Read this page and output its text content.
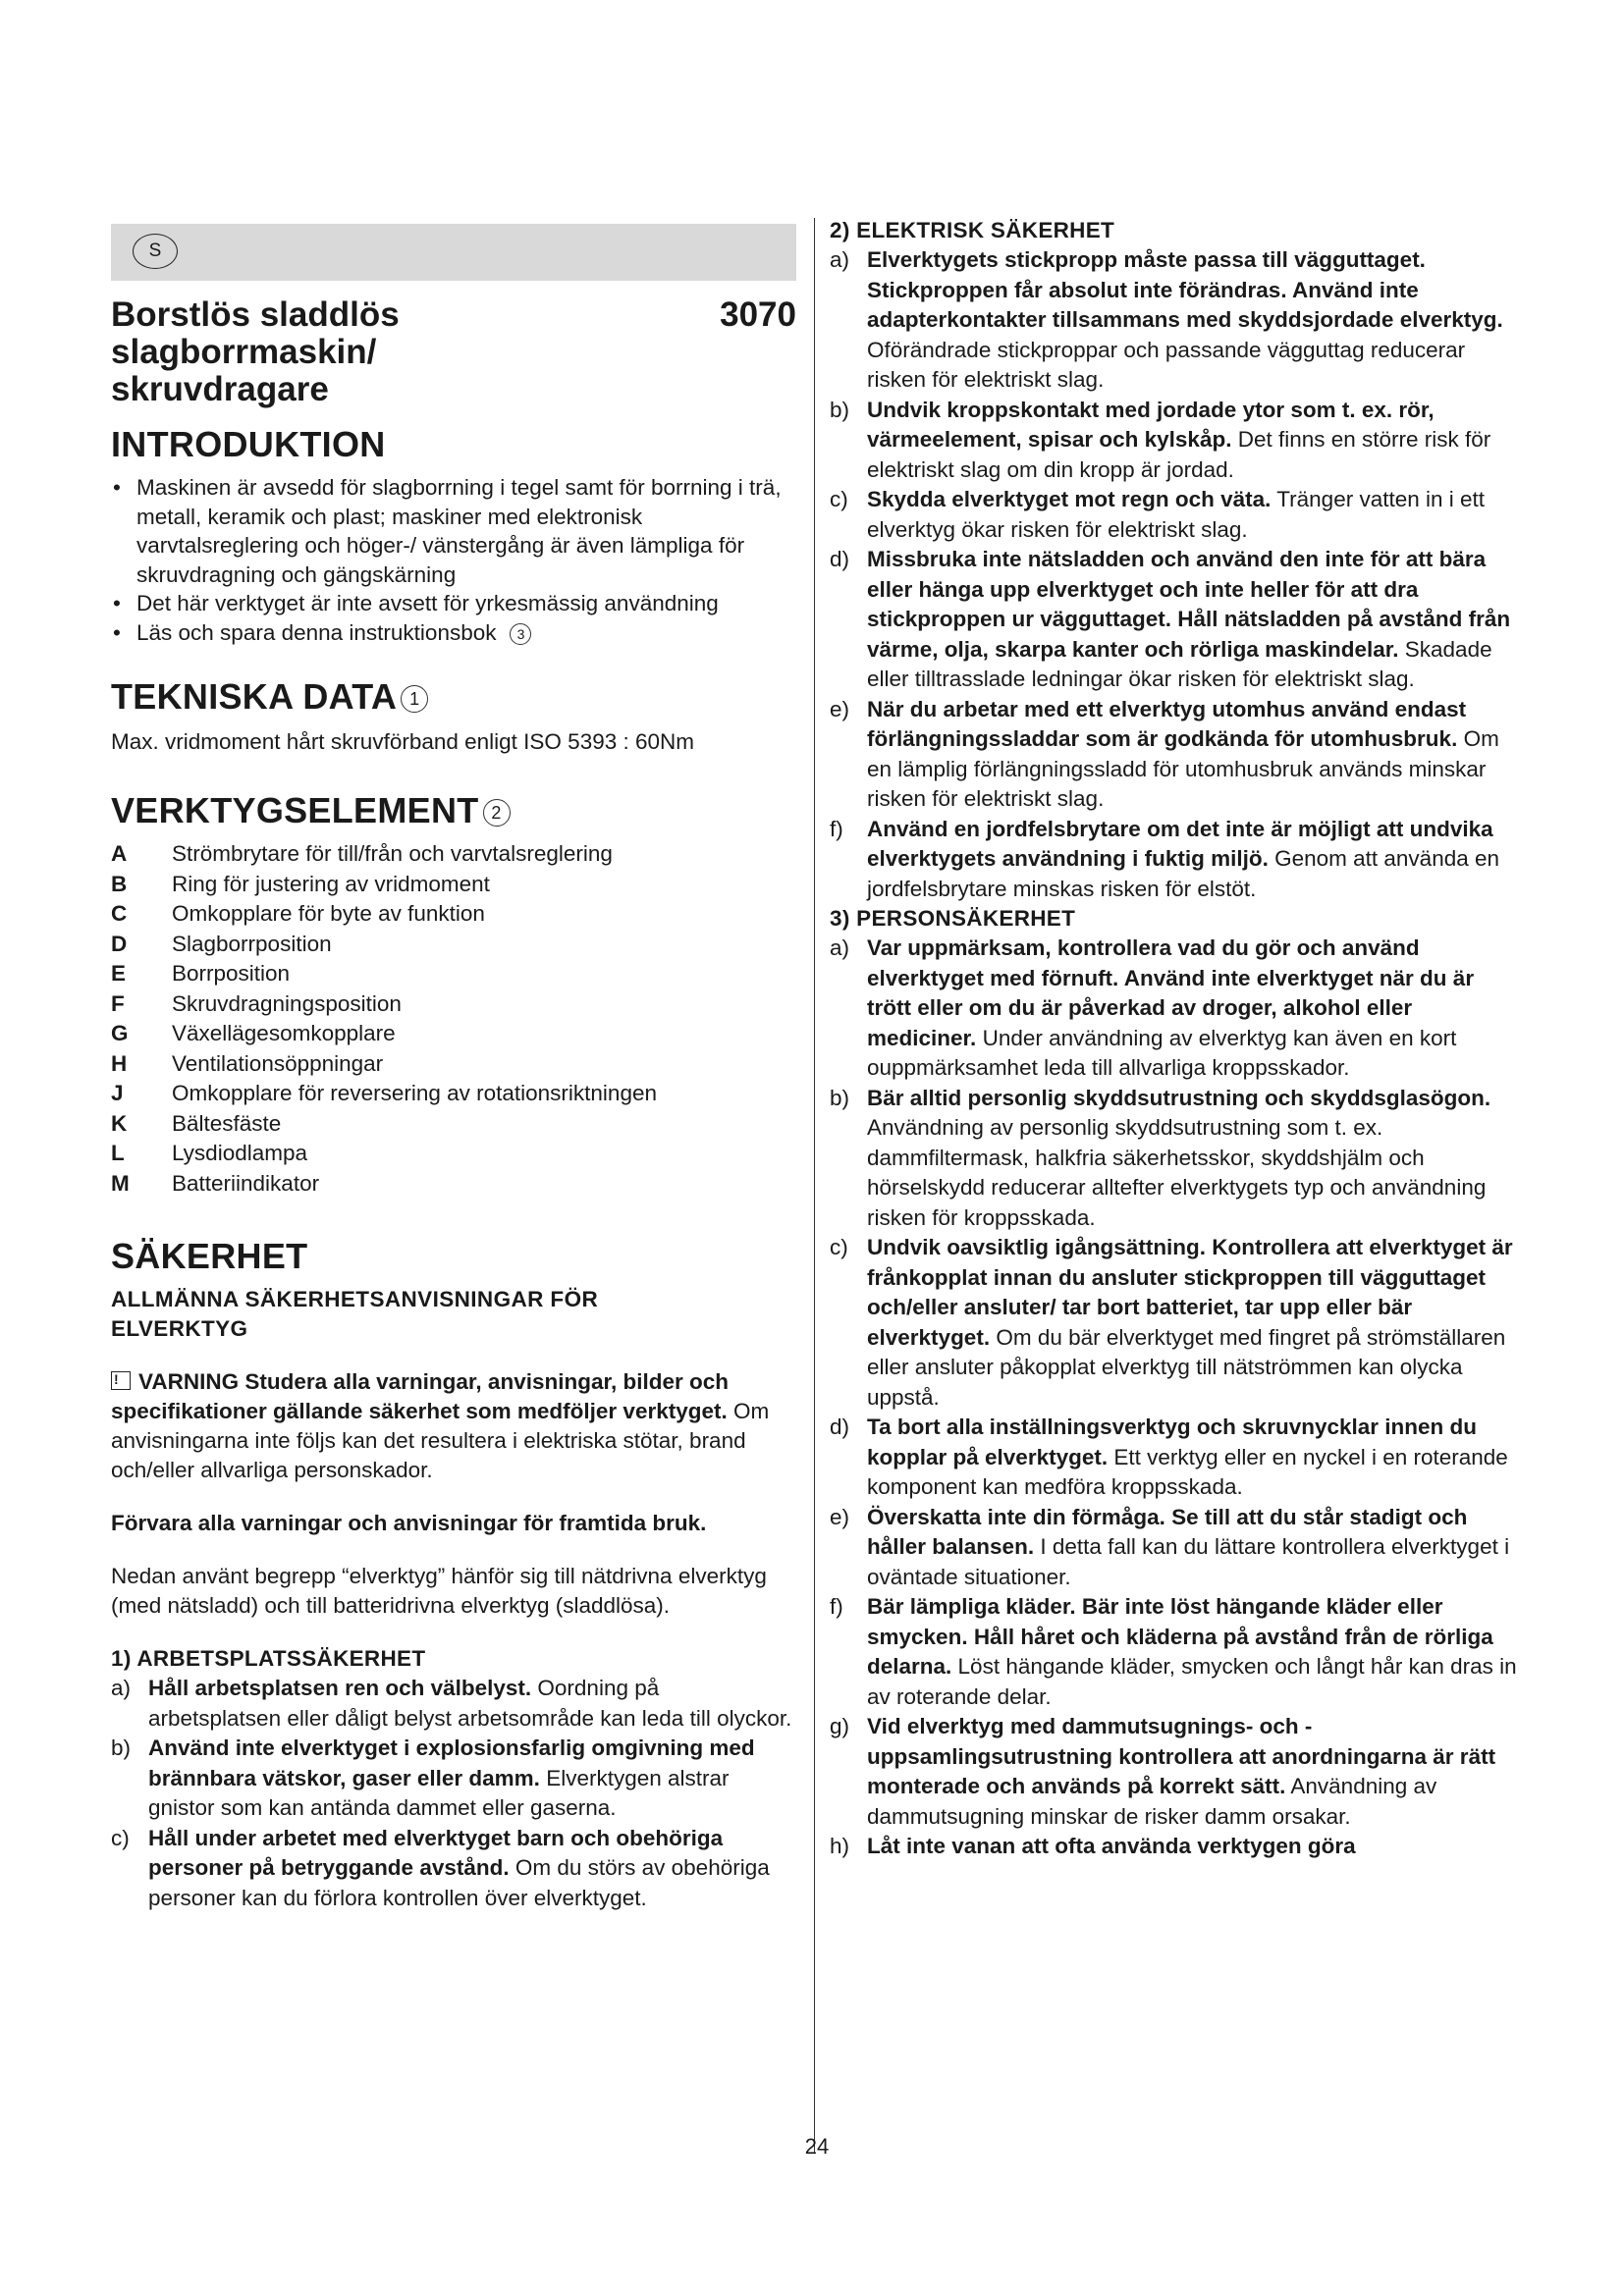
S
Borstlös sladdlös
slagborrmaskin/
skruvdragare
3070
INTRODUKTION
• Maskinen är avsedd för slagborrning i tegel samt för borrning i trä, metall, keramik och plast; maskiner med elektronisk varvtalsreglering och höger-/ vänstergång är även lämpliga för skruvdragning och gängskärning
• Det här verktyget är inte avsett för yrkesmässig användning
• Läs och spara denna instruktionsbok 3
TEKNISKA DATA 1
Max. vridmoment hårt skruvförband enligt ISO 5393 : 60Nm
VERKTYGSELEMENT 2
A	Strömbrytare för till/från och varvtalsreglering
B	Ring för justering av vridmoment
C	Omkopplare för byte av funktion
D	Slagborrposition
E	Borrposition
F	Skruvdragningsposition
G	Växellägesomkopplare
H	Ventilationsöppningar
J	Omkopplare för reversering av rotationsriktningen
K	Bältesfäste
L	Lysdiodlampa
M	Batteriindikator
SÄKERHET
ALLMÄNNA SÄKERHETSANVISNINGAR FÖR ELVERKTYG
! VARNING Studera alla varningar, anvisningar, bilder och specifikationer gällande säkerhet som medföljer verktyget. Om anvisningarna inte följs kan det resultera i elektriska stötar, brand och/eller allvarliga personskador.
Förvara alla varningar och anvisningar för framtida bruk.
Nedan använt begrepp “elverktyg” hänför sig till nätdrivna elverktyg (med nätsladd) och till batteridrivna elverktyg (sladdlösa).
1) ARBETSPLATSSÄKERHET
a) Håll arbetsplatsen ren och välbelyst. Oordning på arbetsplatsen eller dåligt belyst arbetsområde kan leda till olyckor.
b) Använd inte elverktyget i explosionsfarlig omgivning med brännbara vätskor, gaser eller damm. Elverktygen alstrar gnistor som kan antända dammet eller gaserna.
c) Håll under arbetet med elverktyget barn och obehöriga personer på betryggande avstånd. Om du störs av obehöriga personer kan du förlora kontrollen över elverktyget.
2) ELEKTRISK SÄKERHET
a) Elverktygets stickpropp måste passa till vägguttaget. Stickproppen får absolut inte förändras. Använd inte adapterkontakter tillsammans med skyddsjordade elverktyg. Oförändrade stickproppar och passande vägguttag reducerar risken för elektriskt slag.
b) Undvik kroppskontakt med jordade ytor som t. ex. rör, värmeelement, spisar och kylskåp. Det finns en större risk för elektriskt slag om din kropp är jordad.
c) Skydda elverktyget mot regn och väta. Tränger vatten in i ett elverktyg ökar risken för elektriskt slag.
d) Missbruka inte nätsladden och använd den inte för att bära eller hänga upp elverktyget och inte heller för att dra stickproppen ur vägguttaget. Håll nätsladden på avstånd från värme, olja, skarpa kanter och rörliga maskindelar. Skadade eller tilltrasslade ledningar ökar risken för elektriskt slag.
e) När du arbetar med ett elverktyg utomhus använd endast förlängningssladdar som är godkända för utomhusbruk. Om en lämplig förlängningssladd för utomhusbruk används minskar risken för elektriskt slag.
f) Använd en jordfelsbrytare om det inte är möjligt att undvika elverktygets användning i fuktig miljö. Genom att använda en jordfelsbrytare minskas risken för elstöt.
3) PERSONSÄKERHET
a) Var uppmärksam, kontrollera vad du gör och använd elverktyget med förnuft. Använd inte elverktyget när du är trött eller om du är påverkad av droger, alkohol eller mediciner. Under användning av elverktyg kan även en kort ouppmärksamhet leda till allvarliga kroppsskador.
b) Bär alltid personlig skyddsutrustning och skyddsglasögon. Användning av personlig skyddsutrustning som t. ex. dammfiltermask, halkfria säkerhetsskor, skyddshjälm och hörselskydd reducerar alltefter elverktygets typ och användning risken för kroppsskada.
c) Undvik oavsiktlig igångsättning. Kontrollera att elverktyget är frånkopplat innan du ansluter stickproppen till vägguttaget och/eller ansluter/ tar bort batteriet, tar upp eller bär elverktyget. Om du bär elverktyget med fingret på strömställaren eller ansluter påkopplat elverktyg till nätströmmen kan olycka uppstå.
d) Ta bort alla inställningsverktyg och skruvnycklar innen du kopplar på elverktyget. Ett verktyg eller en nyckel i en roterande komponent kan medföra kroppsskada.
e) Överskatta inte din förmåga. Se till att du står stadigt och håller balansen. I detta fall kan du lättare kontrollera elverktyget i oväntade situationer.
f) Bär lämpliga kläder. Bär inte löst hängande kläder eller smycken. Håll håret och kläderna på avstånd från de rörliga delarna. Löst hängande kläder, smycken och långt hår kan dras in av roterande delar.
g) Vid elverktyg med dammutsugnings- och -uppsamlingsutrustning kontrollera att anordningarna är rätt monterade och används på korrekt sätt. Användning av dammutsugning minskar de risker damm orsakar.
h) Låt inte vanan att ofta använda verktygen göra
24
